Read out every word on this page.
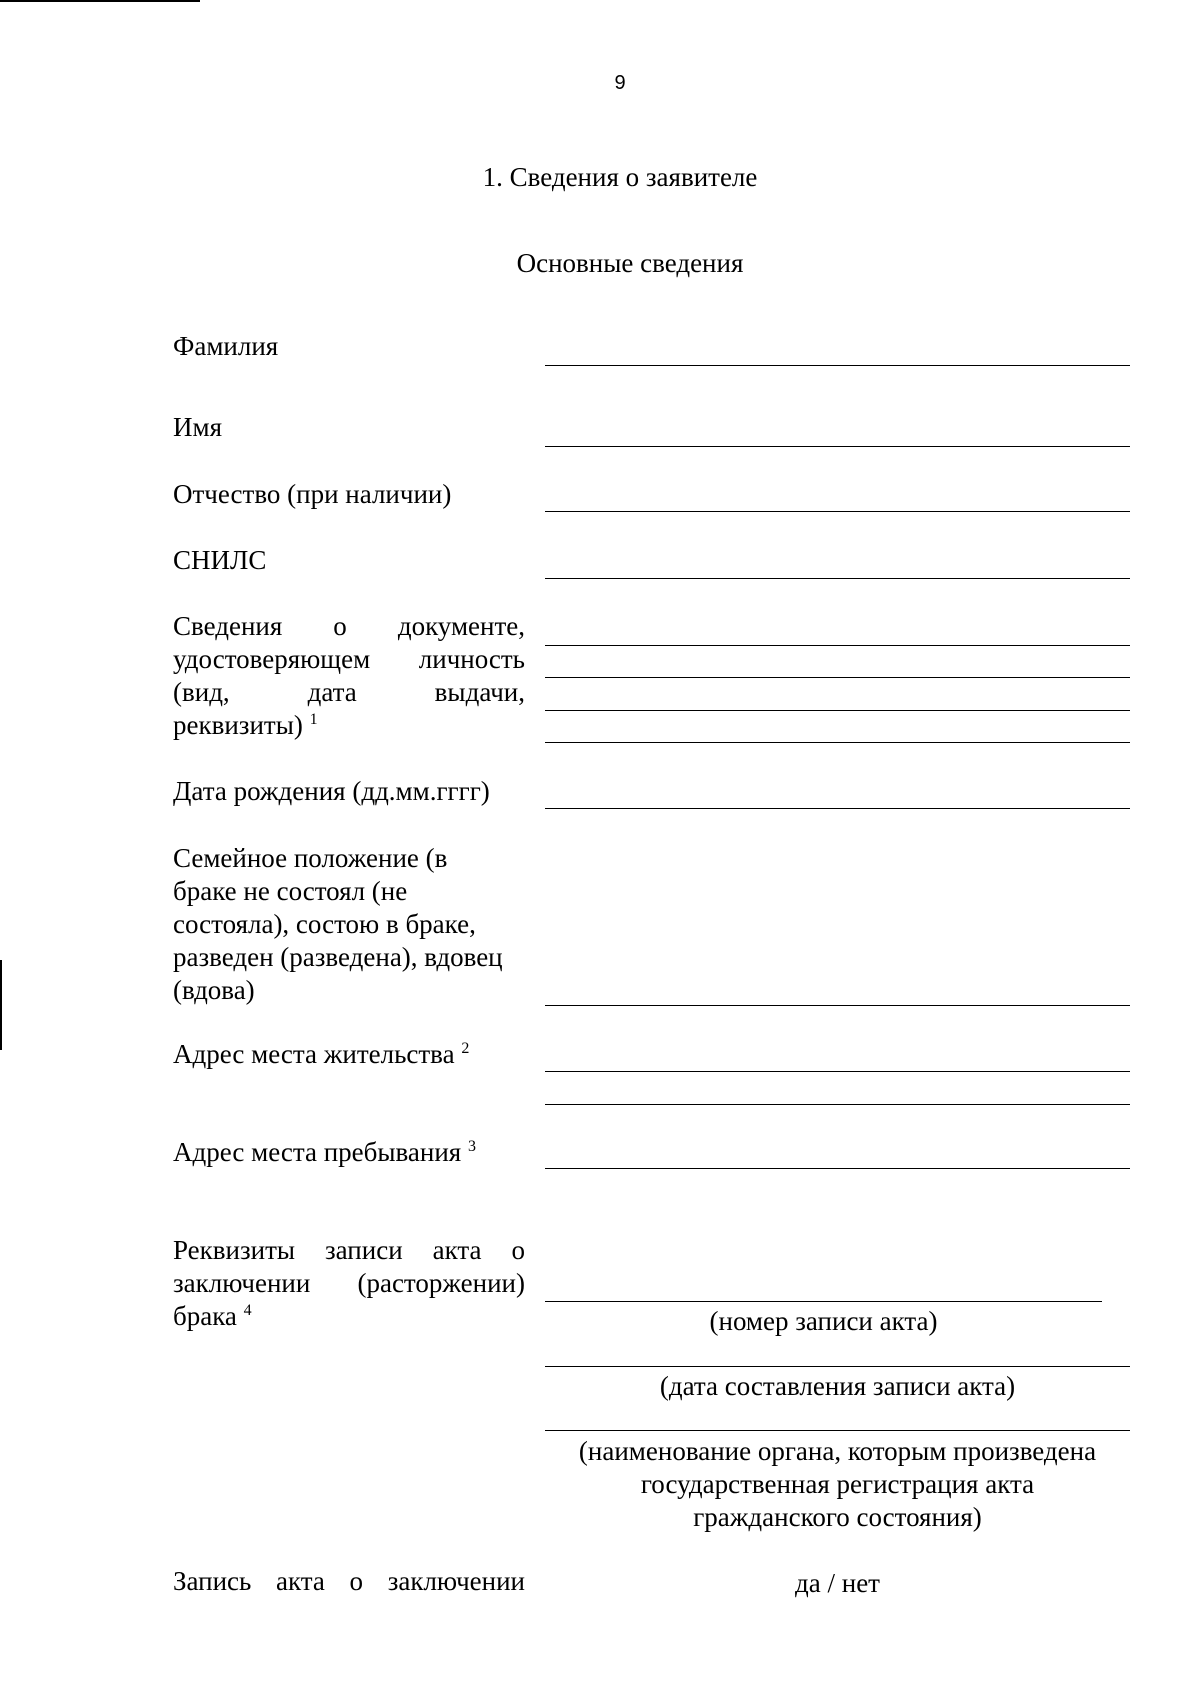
9
1. Сведения о заявителе
Основные сведения
Фамилия
Имя
Отчество (при наличии)
СНИЛС
Сведения о документе,
удостоверяющем личность
(вид, дата выдачи,
реквизиты) $^1$
Дата рождения (дд.мм.гггг)
Семейное положение (в
браке не состоял (не
состояла), состою в браке,
разведен (разведена), вдовец
(вдова)
Адрес места жительства $^2$
Адрес места пребывания $^3$
Реквизиты записи акта о
заключении (расторжении)
брака $^4$	(номер записи акта)
(дата составления записи акта)
(наименование органа, которым произведена
государственная регистрация акта
гражданского состояния)
Запись акта о заключении	да / нет
